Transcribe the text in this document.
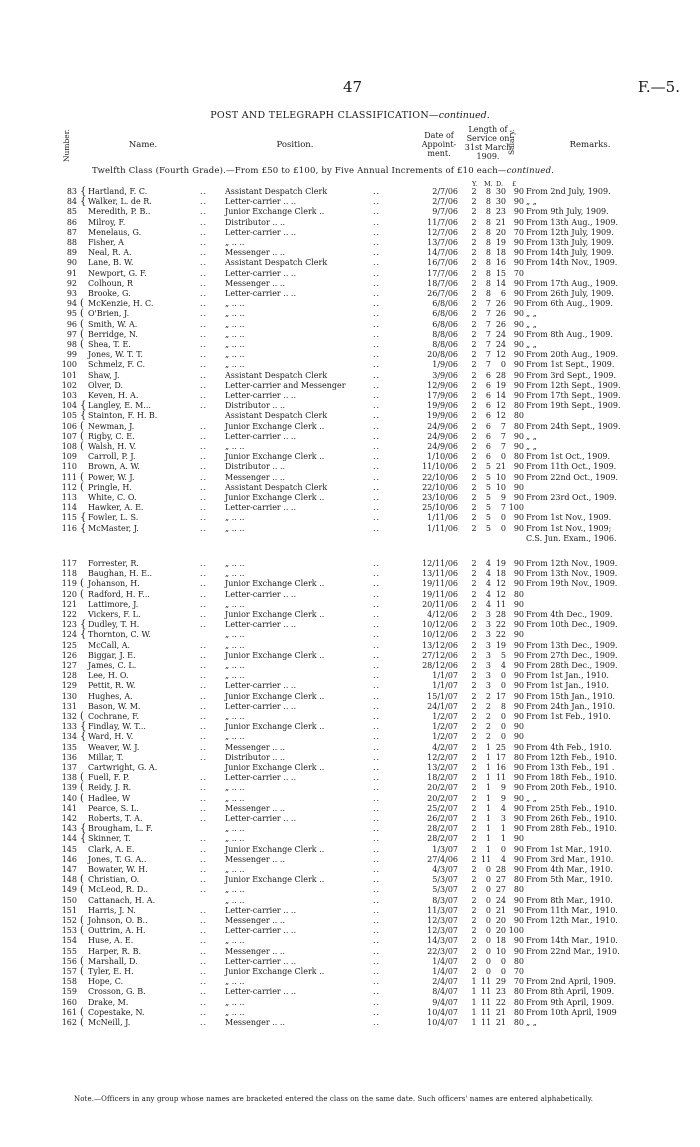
47	F.—5.
POST AND TELEGRAPH CLASSIFICATION—continued.
Number.	Name.	Position.
Date of Appoint-ment.
Length of Service on 31st March 1909.
Salary.	Remarks.
Twelfth Class (Fourth Grade).—From £50 to £100, by Five Annual Increments of £10 each—continued.
Y. M. D. £
83 { Hartland, F. C.	.. Assistant Despatch Clerk	..	2/7/06 2	8 30 90 From 2nd July, 1909.
84 { Walker, L. de R.	.. Letter-carrier .. ..	..	2/7/06 2	8 30 90 „ „
85 Meredith, P. B..	.. Junior Exchange Clerk ..	..	9/7/06 2	8 23 90 From 9th July, 1909.
86 Milroy, F.	.. Distributor .. ..	..	11/7/06 2	8 21 90 From 13th Aug., 1909.
87 Menelaus, G.	.. Letter-carrier .. ..	..	12/7/06 2	8 20 70 From 12th July, 1909.
88 Fisher, A	.. „ .. ..	..	13/7/06 2	8 19 90 From 13th July, 1909.
89 Neal, R. A.	.. Messenger .. ..	..	14/7/06 2	8 18 90 From 14th July, 1909.
90 Lane, B. W.	.. Assistant Despatch Clerk	..	16/7/06 2	8 16 90 From 14th Nov., 1909.
91 Newport, G. F.	.. Letter-carrier .. ..	..	17/7/06 2	8 15 70
92 Colhoun, R	.. Messenger .. ..	..	18/7/06 2	8 14 90 From 17th Aug., 1909.
93 Brooke, G.	.. Letter-carrier .. ..	..	26/7/06 2	8	6 90 From 26th July, 1909.
94 ( McKenzie, H. C.	.. „ .. ..	..	6/8/06 2	7 26 90 From 6th Aug., 1909.
95 ( O'Brien, J.	.. „ .. ..	..	6/8/06 2	7 26 90 „ „
96 ( Smith, W. A.	.. „ .. ..	..	6/8/06 2	7 26 90 „ „
97 ( Berridge, N.	.. „ .. ..	..	8/8/06 2	7 24 90 From 8th Aug., 1909.
98 ( Shea, T. E.	.. „ .. ..	..	8/8/06 2	7 24 90 „ „
99 Jones, W. T. T.	.. „ .. ..	..	20/8/06 2	7 12 90 From 20th Aug., 1909.
100 Schmelz, F. C.	.. „ .. ..	..	1/9/06 2	7	0 90 From 1st Sept., 1909.
101 Shaw, J.	.. Assistant Despatch Clerk	..	3/9/06 2	6 28 90 From 3rd Sept., 1909.
102 Olver, D.	.. Letter-carrier and Messenger	..	12/9/06 2	6 19 90 From 12th Sept., 1909.
103 Keven, H. A.	.. Letter-carrier .. ..	..	17/9/06 2	6 14 90 From 17th Sept., 1909.
104 { Langley, E. M...	.. Distributor .. ..	..	19/9/06 2	6 12 80 From 19th Sept., 1909.
105 { Stainton, F. H. B.	Assistant Despatch Clerk	..	19/9/06 2	6 12 80
106 ( Newman, J.	.. Junior Exchange Clerk ..	..	24/9/06 2	6	7 80 From 24th Sept., 1909.
107 ( Rigby, C. E.	.. Letter-carrier .. ..	..	24/9/06 2	6	7 90 „ „
108 ( Walsh, H. V.	.. „ .. ..	..	24/9/06 2	6	7 90 „ „
109 Carroll, P. J.	.. Junior Exchange Clerk ..	..	1/10/06 2	6	0 80 From 1st Oct., 1909.
110 Brown, A. W.	.. Distributor .. ..	..	11/10/06 2	5 21 90 From 11th Oct., 1909.
111 ( Power, W. J.	.. Messenger .. ..	..	22/10/06 2	5 10 90 From 22nd Oct., 1909.
112 ( Pringle, H.	.. Assistant Despatch Clerk	..	22/10/06 2	5 10 90
113 White, C. O.	.. Junior Exchange Clerk ..	..	23/10/06 2	5	9 90 From 23rd Oct., 1909.
114 Hawker, A. E.	.. Letter-carrier .. ..	..	25/10/06 2	5	7 100
115 { Fowler, L. S.	.. „ .. ..	..	1/11/06 2	5	0 90 From 1st Nov., 1909.
116 { McMaster, J.	.. „ .. ..	..	1/11/06 2	5	0 90 From 1st Nov., 1909;
C.S. Jun. Exam., 1906.
117 Forrester, R.	.. „ .. ..	..	12/11/06 2	4 19 90 From 12th Nov., 1909.
118 Baughan, H. E..	.. „ .. ..	..	13/11/06 2	4 18 90 From 13th Nov., 1909.
119 ( Johanson, H.	.. Junior Exchange Clerk ..	..	19/11/06 2	4 12 90 From 19th Nov., 1909.
120 ( Radford, H. F...	.. Letter-carrier .. ..	..	19/11/06 2	4 12 80
121 Lattimore, J.	.. „ .. ..	..	20/11/06 2	4 11 90
122 Vickers, F. L.	.. Junior Exchange Clerk ..	..	4/12/06 2	3 28 90 From 4th Dec., 1909.
123 { Dudley, T. H.	.. Letter-carrier .. ..	..	10/12/06 2	3 22 90 From 10th Dec., 1909.
124 { Thornton, C. W.	„ .. ..	..	10/12/06 2	3 22 90
125 McCall, A.	.. „ .. ..	..	13/12/06 2	3 19 90 From 13th Dec., 1909.
126 Biggar, J. E.	.. Junior Exchange Clerk ..	..	27/12/06 2	3	5 90 From 27th Dec., 1909.
127 James, C. L.	.. „ .. ..	..	28/12/06 2	3	4 90 From 28th Dec., 1909.
128 Lee, H. O.	.. „ .. ..	..	1/1/07 2	3	0 90 From 1st Jan., 1910.
129 Pettit, R. W.	.. Letter-carrier .. ..	..	1/1/07 2	3	0 90 From 1st Jan., 1910.
130 Hughes, A.	.. Junior Exchange Clerk ..	..	15/1/07 2	2 17 90 From 15th Jan., 1910.
131 Bason, W. M.	.. Letter-carrier .. ..	..	24/1/07 2	2	8 90 From 24th Jan., 1910.
132 ( Cochrane, F.	.. „ .. ..	..	1/2/07 2	2	0 90 From 1st Feb., 1910.
133 { Findlay, W. T...	.. Junior Exchange Clerk ..	..	1/2/07 2	2	0 90
134 { Ward, H. V.	.. „ .. ..	..	1/2/07 2	2	0 90
135 Weaver, W. J.	.. Messenger .. ..	..	4/2/07 2	1 25 90 From 4th Feb., 1910.
136 Millar, T.	.. Distributor .. ..	..	12/2/07 2	1 17 80 From 12th Feb., 1910.
137 Cartwright, G. A.	Junior Exchange Clerk ..	..	13/2/07 2	1 16 90 From 13th Feb., 191 .
138 ( Fuell, F. P.	.. Letter-carrier .. ..	..	18/2/07 2	1 11 90 From 18th Feb., 1910.
139 ( Reidy, J. R.	.. „ .. ..	..	20/2/07 2	1	9 90 From 20th Feb., 1910.
140 ( Hadlee, W	.. „ .. ..	..	20/2/07 2	1	9 90 „ „
141 Pearce, S. L.	.. Messenger .. ..	..	25/2/07 2	1	4 90 From 25th Feb., 1910.
142 Roberts, T. A.	.. Letter-carrier .. ..	..	26/2/07 2	1	3 90 From 26th Feb., 1910.
143 { Brougham, L. F.	„ .. ..	..	28/2/07 2	1	1 90 From 28th Feb., 1910.
144 { Skinner, T.	.. „ .. ..	..	28/2/07 2	1	1 90
145 Clark, A. E.	.. Junior Exchange Clerk ..	..	1/3/07 2	1	0 90 From 1st Mar., 1910.
146 Jones, T. G. A..	.. Messenger .. ..	..	27/4/06 2 11	4 90 From 3rd Mar., 1910.
147 Bowater, W. H.	.. „ .. ..	..	4/3/07 2	0 28 90 From 4th Mar., 1910.
148 ( Christian, O.	.. Junior Exchange Clerk ..	..	5/3/07 2	0 27 80 From 5th Mar., 1910.
149 ( McLeod, R. D..	.. „ .. ..	..	5/3/07 2	0 27 80
150 Cattanach, H. A.	„ .. ..	..	8/3/07 2	0 24 90 From 8th Mar., 1910.
151 Harris, J. N.	.. Letter-carrier .. ..	..	11/3/07 2	0 21 90 From 11th Mar., 1910.
152 ( Johnson, O. B..	.. Messenger .. ..	..	12/3/07 2	0 20 90 From 12th Mar., 1910.
153 ( Outtrim, A. H.	.. Letter-carrier .. ..	..	12/3/07 2	0 20 100
154 Huse, A. E.	.. „ .. ..	..	14/3/07 2	0 18 90 From 14th Mar., 1910.
155 Harper, R. B.	.. Messenger .. ..	..	22/3/07 2	0 10 90 From 22nd Mar., 1910.
156 ( Marshall, D.	.. Letter-carrier .. ..	..	1/4/07 2	0	0 80
157 ( Tyler, E. H.	.. Junior Exchange Clerk ..	..	1/4/07 2	0	0 70
158 Hope, C.	.. „ .. ..	..	2/4/07 1 11 29 70 From 2nd April, 1909.
159 Crosson, G. B.	.. Letter-carrier .. ..	..	8/4/07 1 11 23 80 From 8th April, 1909.
160 Drake, M.	.. „ .. ..	..	9/4/07 1 11 22 80 From 9th April, 1909.
161 ( Copestake, N.	.. „ .. ..	..	10/4/07 1 11 21 80 From 10th April, 1909
162 ( McNeill, J.	.. Messenger .. ..	..	10/4/07 1 11 21 80 „ „
Note.—Officers in any group whose names are bracketed entered the class on the same date. Such officers' names are entered alphabetically.
